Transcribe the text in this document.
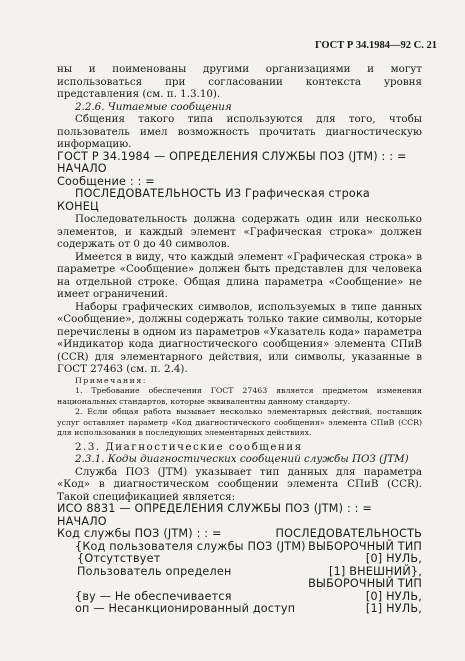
ГОСТ Р 34.1984—92 С. 21

ны и поименованы другими организациями и могут использоваться при согласовании контекста уровня представления (см. п. 1.3.10).

2.2.6. Читаемые сообщения

Сбщения такого типа используются для того, чтобы пользователь имел возможность прочитать диагностическую информацию.

ГОСТ Р 34.1984 — ОПРЕДЕЛЕНИЯ СЛУЖБЫ ПОЗ (JTM) : : =
НАЧАЛО
Сообщение : : =
ПОСЛЕДОВАТЕЛЬНОСТЬ ИЗ Графическая строка
КОНЕЦ

Последовательность должна содержать один или несколько элементов, и каждый элемент «Графическая строка» должен содержать от 0 до 40 символов.

Имеется в виду, что каждый элемент «Графическая строка» в параметре «Сообщение» должен быть представлен для человека на отдельной строке. Общая длина параметра «Сообщение» не имеет ограничений.

Наборы графических символов, используемых в типе данных «Сообщение», должны содержать только такие символы, которые перечислены в одном из параметров «Указатель кода» параметра «Индикатор кода диагностического сообщения» элемента СПиВ (CCR) для элементарного действия, или символы, указанные в ГОСТ 27463 (см. п. 2.4).

Примечания:

1. Требование обеспечения ГОСТ 27463 является предметом изменения национальных стандартов, которые эквивалентны данному стандарту.

2. Если общая работа вызывает несколько элементарных действий, поставщик услуг оставляет параметр «Код диагностического сообщения» элемента СПиВ (CCR) для использования в последующих элементарных действиях.

2.3. Диагностические сообщения

2.3.1. Коды диагностических сообщений службы ПОЗ (JTM)

Служба ПОЗ (JTM) указывает тип данных для параметра «Код» в диагностическом сообщении элемента СПиВ (CCR). Такой спецификацией является:

ИСО 8831 — ОПРЕДЕЛЕНИЯ СЛУЖБЫ ПОЗ (JTM) : : =
НАЧАЛО
Код службы ПОЗ (JTM) : : =	ПОСЛЕДОВАТЕЛЬНОСТЬ
{Код пользователя службы ПОЗ (JTM) ВЫБОРОЧНЫЙ ТИП
{Отсутствует	[0] НУЛЬ,
Пользователь определен	[1] ВНЕШНИЙ},
ВЫБОРОЧНЫЙ ТИП
{ву — Не обеспечивается	[0] НУЛЬ,
оп — Несанкционированный доступ	[1] НУЛЬ,
